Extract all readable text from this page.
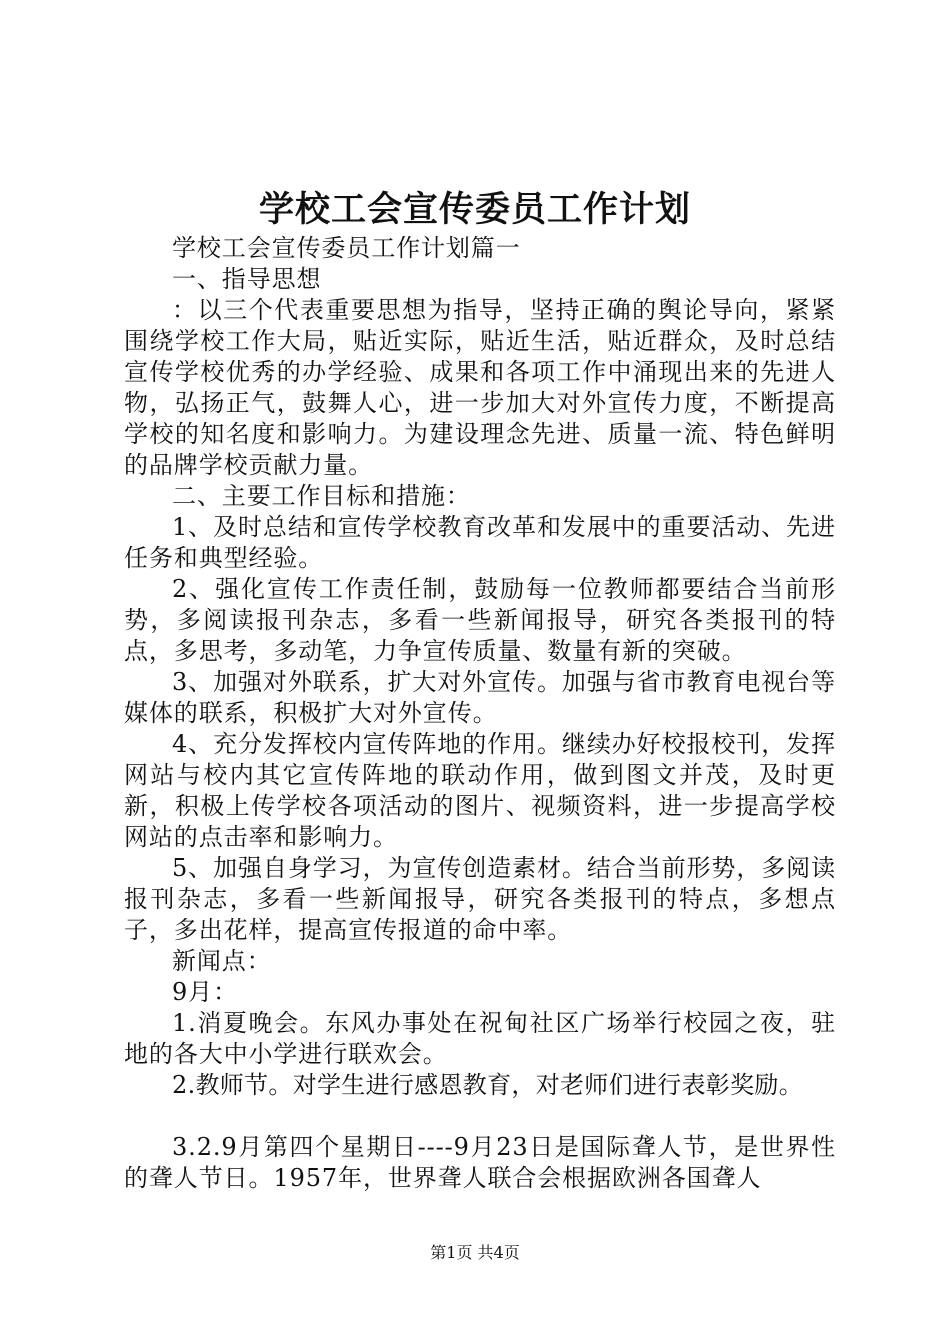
学校工会宣传委员工作计划

学校工会宣传委员工作计划篇一

一、指导思想

：以三个代表重要思想为指导，坚持正确的舆论导向，紧紧围绕学校工作大局，贴近实际，贴近生活，贴近群众，及时总结宣传学校优秀的办学经验、成果和各项工作中涌现出来的先进人物，弘扬正气，鼓舞人心，进一步加大对外宣传力度，不断提高学校的知名度和影响力。为建设理念先进、质量一流、特色鲜明的品牌学校贡献力量。

二、主要工作目标和措施：

1、及时总结和宣传学校教育改革和发展中的重要活动、先进任务和典型经验。

2、强化宣传工作责任制，鼓励每一位教师都要结合当前形势，多阅读报刊杂志，多看一些新闻报导，研究各类报刊的特点，多思考，多动笔，力争宣传质量、数量有新的突破。

3、加强对外联系，扩大对外宣传。加强与省市教育电视台等媒体的联系，积极扩大对外宣传。

4、充分发挥校内宣传阵地的作用。继续办好校报校刊，发挥网站与校内其它宣传阵地的联动作用，做到图文并茂，及时更新，积极上传学校各项活动的图片、视频资料，进一步提高学校网站的点击率和影响力。

5、加强自身学习，为宣传创造素材。结合当前形势，多阅读报刊杂志，多看一些新闻报导，研究各类报刊的特点，多想点子，多出花样，提高宣传报道的命中率。

新闻点：

9月：

1.消夏晚会。东风办事处在祝甸社区广场举行校园之夜，驻地的各大中小学进行联欢会。

2.教师节。对学生进行感恩教育，对老师们进行表彰奖励。

3.2.9月第四个星期日----9月23日是国际聋人节，是世界性的聋人节日。1957年，世界聋人联合会根据欧洲各国聋人

第1页 共4页
